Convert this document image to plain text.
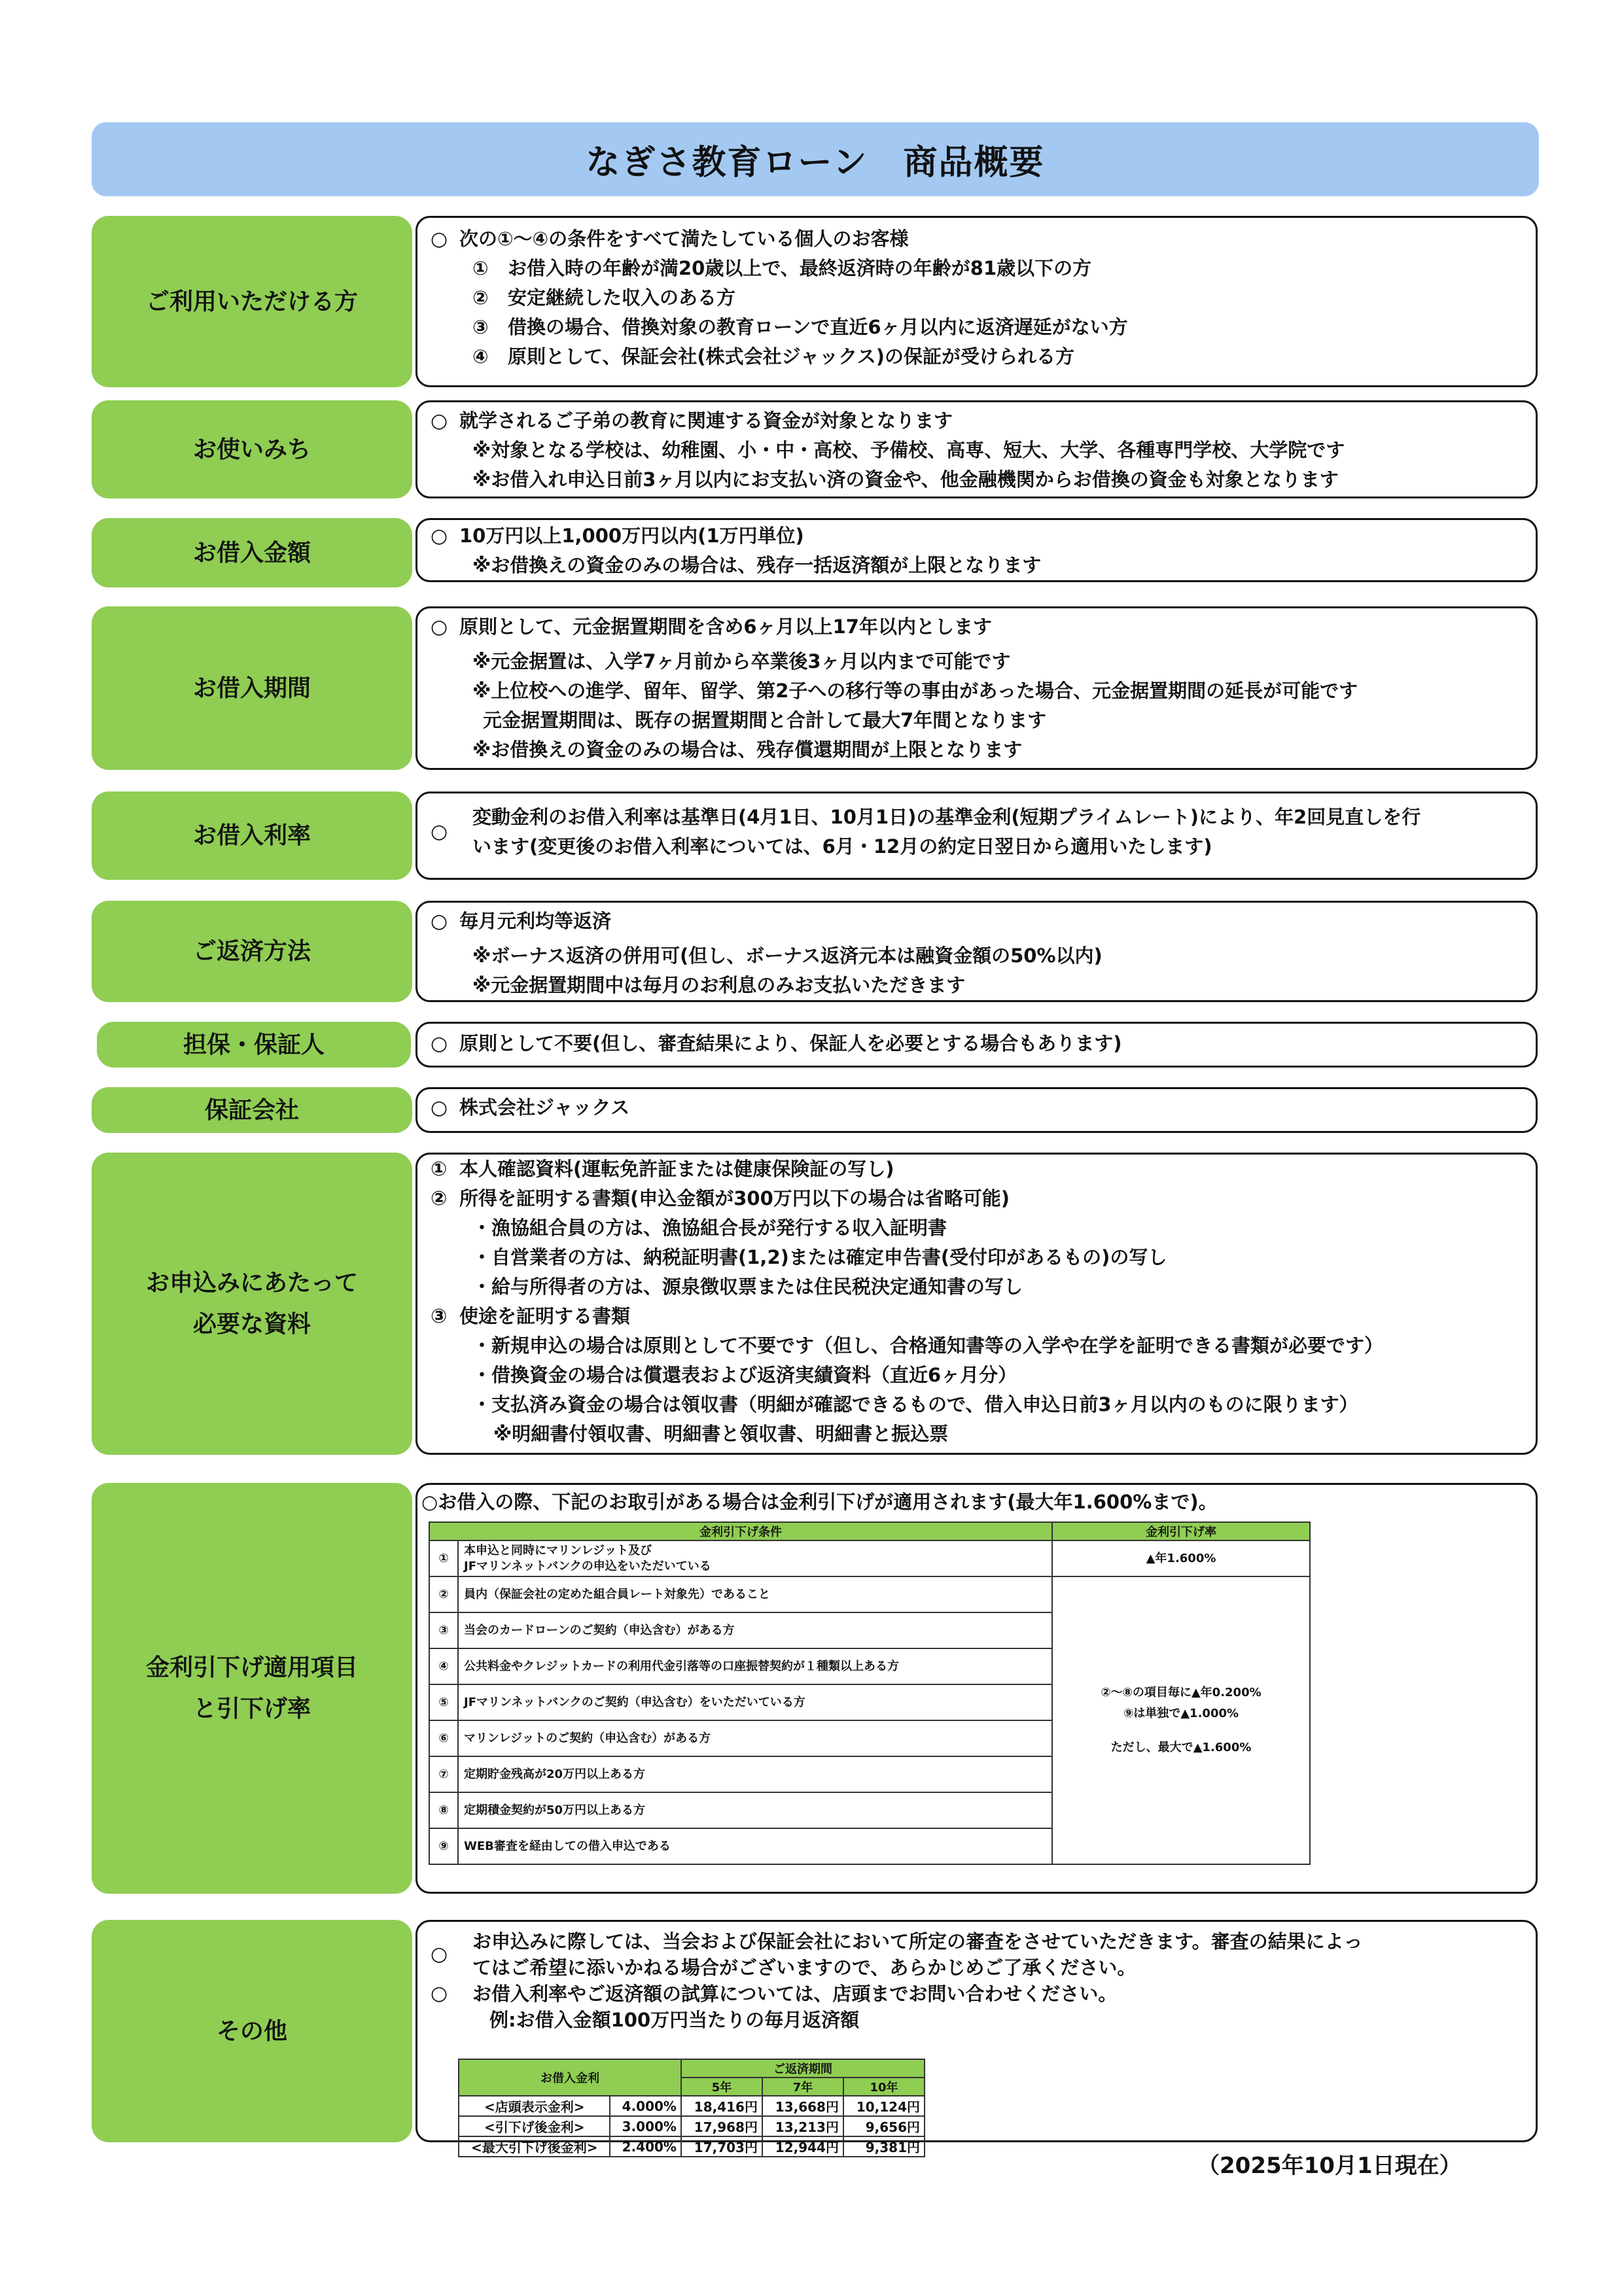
なぎさ教育ローン　商品概要
ご利用いただける方
○ 次の①～④の条件をすべて満たしている個人のお客様
① お借入時の年齢が満20歳以上で、最終返済時の年齢が81歳以下の方
② 安定継続した収入のある方
③ 借換の場合、借換対象の教育ローンで直近6ヶ月以内に返済遅延がない方
④ 原則として、保証会社(株式会社ジャックス)の保証が受けられる方
お使いみち
○ 就学されるご子弟の教育に関連する資金が対象となります
※対象となる学校は、幼稚園、小・中・高校、予備校、高専、短大、大学、各種専門学校、大学院です
※お借入れ申込日前3ヶ月以内にお支払い済の資金や、他金融機関からお借換の資金も対象となります
お借入金額
○ 10万円以上1,000万円以内(1万円単位)
※お借換えの資金のみの場合は、残存一括返済額が上限となります
お借入期間
○ 原則として、元金据置期間を含め6ヶ月以上17年以内とします
※元金据置は、入学7ヶ月前から卒業後3ヶ月以内まで可能です
※上位校への進学、留年、留学、第2子への移行等の事由があった場合、元金据置期間の延長が可能です
元金据置期間は、既存の据置期間と合計して最大7年間となります
※お借換えの資金のみの場合は、残存償還期間が上限となります
お借入利率	○
変動金利のお借入利率は基準日(4月1日、10月1日)の基準金利(短期プライムレート)により、年2回見直しを行
います(変更後のお借入利率については、6月・12月の約定日翌日から適用いたします)
ご返済方法
○ 毎月元利均等返済
※ボーナス返済の併用可(但し、ボーナス返済元本は融資金額の50%以内)
※元金据置期間中は毎月のお利息のみお支払いただきます
担保・保証人	○ 原則として不要(但し、審査結果により、保証人を必要とする場合もあります)
保証会社	○ 株式会社ジャックス
お申込みにあたって
必要な資料
① 本人確認資料(運転免許証または健康保険証の写し)
② 所得を証明する書類(申込金額が300万円以下の場合は省略可能)
・漁協組合員の方は、漁協組合長が発行する収入証明書
・自営業者の方は、納税証明書(1,2)または確定申告書(受付印があるもの)の写し
・給与所得者の方は、源泉徴収票または住民税決定通知書の写し
③ 使途を証明する書類
・新規申込の場合は原則として不要です（但し、合格通知書等の入学や在学を証明できる書類が必要です）
・借換資金の場合は償還表および返済実績資料（直近6ヶ月分）
・支払済み資金の場合は領収書（明細が確認できるもので、借入申込日前3ヶ月以内のものに限ります）
※明細書付領収書、明細書と領収書、明細書と振込票
金利引下げ適用項目
と引下げ率
○お借入の際、下記のお取引がある場合は金利引下げが適用されます(最大年1.600%まで)。
金利引下げ条件		金利引下げ率
①	本申込と同時にマリンレジット及び
JFマリンネットバンクの申込をいただいている	▲年1.600%
②	員内（保証会社の定めた組合員レート対象先）であること	②～⑧の項目毎に▲年0.200%
⑨は単独で▲1.000%
ただし、最大で▲1.600%

③	当会のカードローンのご契約（申込含む）がある方	
④	公共料金やクレジットカードの利用代金引落等の口座振替契約が１種類以上ある方	
⑤	JFマリンネットバンクのご契約（申込含む）をいただいている方	
⑥	マリンレジットのご契約（申込含む）がある方	
⑦	定期貯金残高が20万円以上ある方	
⑧	定期積金契約が50万円以上ある方	
⑨	WEB審査を経由しての借入申込である	
その他
○
お申込みに際しては、当会および保証会社において所定の審査をさせていただきます。審査の結果によっ
てはご希望に添いかねる場合がございますので、あらかじめご了承ください。
○	お借入利率やご返済額の試算については、店頭までお問い合わせください。
例:お借入金額100万円当たりの毎月返済額
お借入金利		ご返済期間		
		5年	7年	10年
<店頭表示金利>	4.000%	18,416円	13,668円	10,124円
<引下げ後金利>	3.000%	17,968円	13,213円	9,656円
<最大引下げ後金利>	2.400%	17,703円	12,944円	9,381円
（2025年10月1日現在）
